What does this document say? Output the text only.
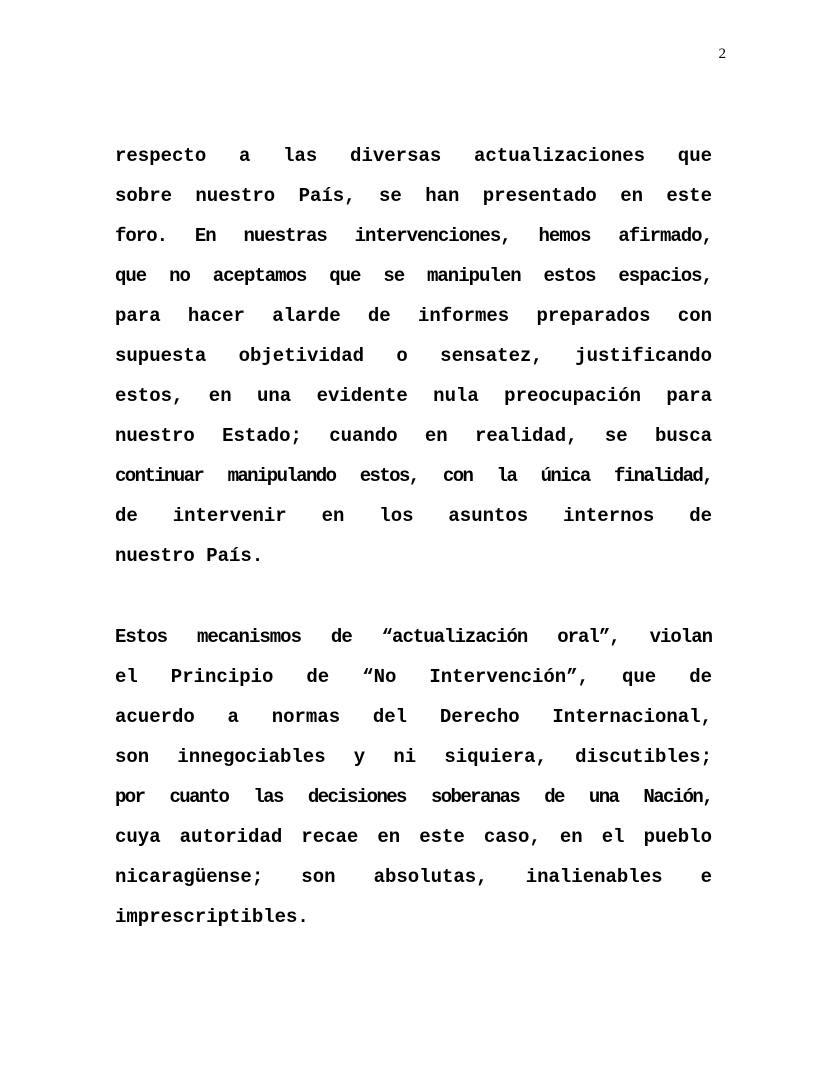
2
respecto a las diversas actualizaciones que
sobre nuestro País, se han presentado en este
foro. En nuestras intervenciones, hemos afirmado,
que no aceptamos que se manipulen estos espacios,
para hacer alarde de informes preparados con
supuesta objetividad o sensatez, justificando
estos, en una evidente nula preocupación para
nuestro Estado; cuando en realidad, se busca
continuar manipulando estos, con la única finalidad,
de intervenir en los asuntos internos de
nuestro País.
Estos mecanismos de “actualización oral”, violan
el Principio de “No Intervención”, que de
acuerdo a normas del Derecho Internacional,
son innegociables y ni siquiera, discutibles;
por cuanto las decisiones soberanas de una Nación,
cuya autoridad recae en este caso, en el pueblo
nicaragüense; son absolutas, inalienables e
imprescriptibles.
